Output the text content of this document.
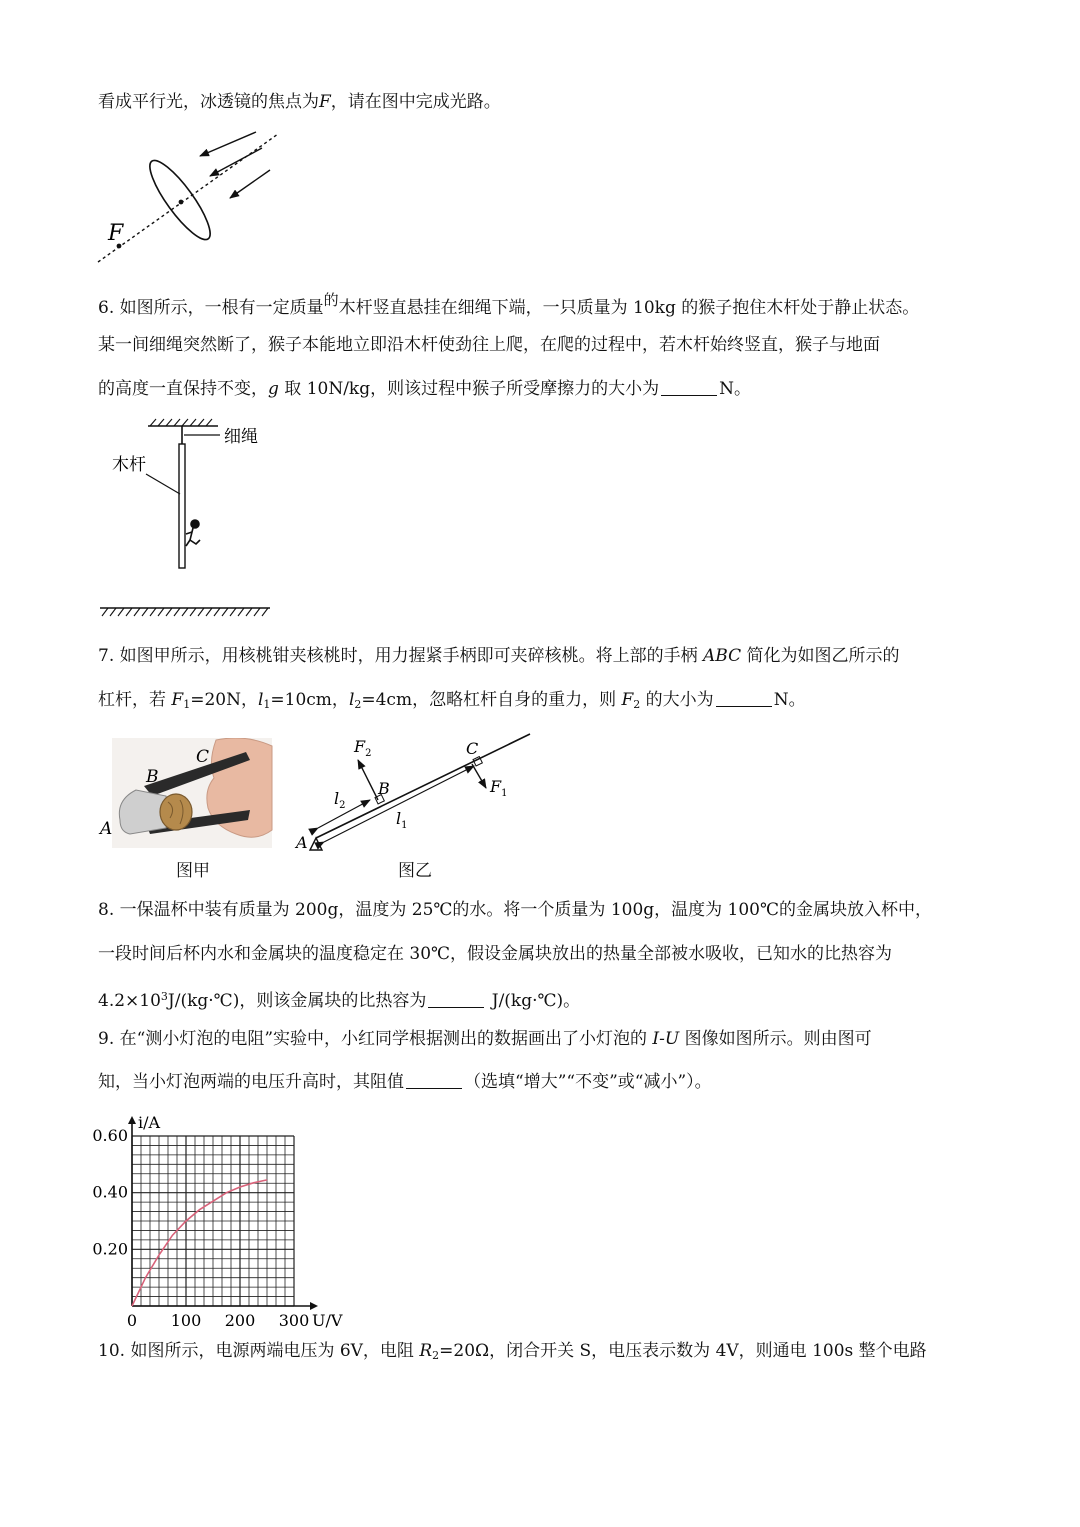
看成平行光，冰透镜的焦点为F，请在图中完成光路。
F
6. 如图所示，一根有一定质量$^的$木杆竖直悬挂在细绳下端，一只质量为 10kg 的猴子抱住木杆处于静止状态。
某一间细绳突然断了，猴子本能地立即沿木杆使劲往上爬，在爬的过程中，若木杆始终竖直，猴子与地面
的高度一直保持不变，g 取 10N/kg，则该过程中猴子所受摩擦力的大小为	N。
细绳
木杆
7. 如图甲所示，用核桃钳夹核桃时，用力握紧手柄即可夹碎核桃。将上部的手柄 ABC 简化为如图乙所示的
杠杆，若 $F_1=20N$，$l_1=10cm$，$l_2=4cm$，忽略杠杆自身的重力，则 $F_2$ 的大小为	N。
A
B
C
图甲
A
B
C
$F_2$
$F_1$
$l_2$
$l_1$
图乙
8. 一保温杯中装有质量为 200g，温度为 25℃的水。将一个质量为 100g，温度为 100℃的金属块放入杯中，
一段时间后杯内水和金属块的温度稳定在 30℃，假设金属块放出的热量全部被水吸收，已知水的比热容为
$4.2\times 10^3J/(kg\cdot℃)$，则该金属块的比热容为	J/(kg·℃)。
9. 在“测小灯泡的电阻”实验中，小红同学根据测出的数据画出了小灯泡的 I-U 图像如图所示。则由图可
知，当小灯泡两端的电压升高时，其阻值	（选填“增大”“不变”或“减小”）。
0 100 200 300
0.20
0.40
0.60
i/A
U/V
10. 如图所示，电源两端电压为 6V，电阻 $R_2=20\Omega$，闭合开关 S，电压表示数为 4V，则通电 100s 整个电路
